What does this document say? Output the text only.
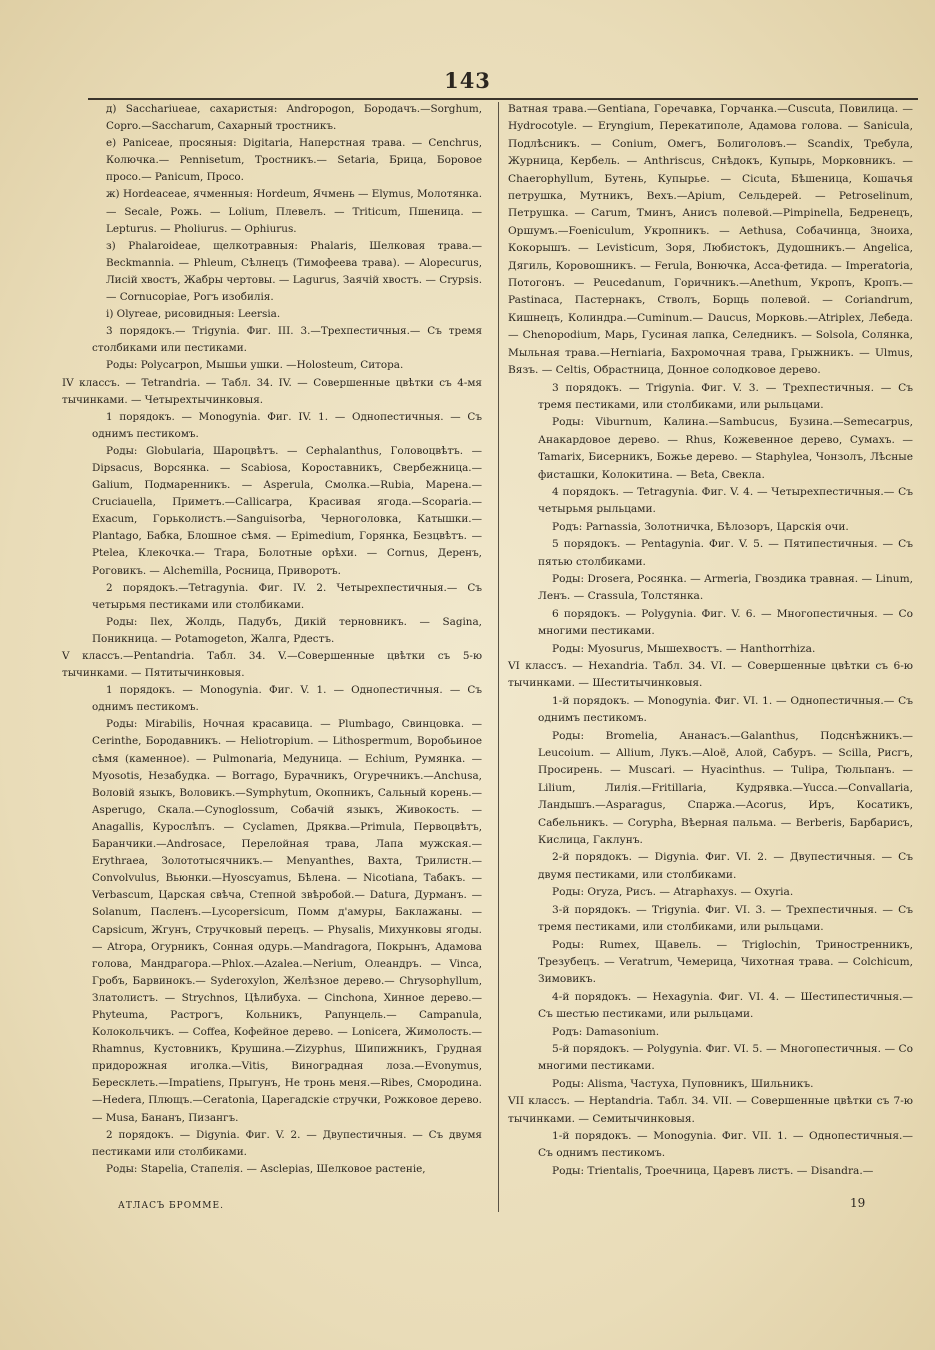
143

д) Sacchariueae, сахаристыя: Andropogon, Бородачъ.—Sorghum, Copro.—Saccharum, Сахарный тростникъ.

е) Paniceae, просяныя: Digitaria, Наперстная трава. — Cenchrus, Колючка.— Pennisetum, Тростникъ.— Setaria, Брица, Боровое просо.— Panicum, Просо.

ж) Hordeaceae, ячменныя: Hordeum, Ячмень — Elymus, Молотянка. — Secale, Рожь. — Lolium, Плевелъ. — Triticum, Пшеница. — Lepturus. — Pholiurus. — Ophiurus.

з) Phalaroideae, щелкотравныя: Phalaris, Шелковая трава.— Beckmannia. — Phleum, Сѣлнецъ (Тимофеева трава). — Alopecurus, Лисій хвостъ, Жабры чертовы. — Lagurus, Заячій хвостъ. — Crypsis. — Cornucopiae, Рогъ изобилія.

i) Olyreae, рисовидныя: Leersia.

3 порядокъ.— Trigynia. Фиг. III. 3.—Трехпестичныя.— Съ тремя столбиками или пестиками.

Роды: Polycarpon, Мышьи ушки. —Holosteum, Ситора.

IV классъ. — Tetrandria. — Табл. 34. IV. — Совершенные цвѣтки съ 4-мя тычинками. — Четырехтычинковыя.

1 порядокъ. — Monogynia. Фиг. IV. 1. — Однопестичныя. — Съ однимъ пестикомъ.

Роды: Globularia, Шароцвѣтъ. — Cephalanthus, Головоцвѣтъ. — Dipsacus, Ворсянка. — Scabiosa, Короставникъ, Свербежница.— Galium, Подмаренникъ. — Asperula, Смолка.—Rubia, Марена.— Cruciauella, Приметъ.—Callicarpa, Красивая ягода.—Scoparia.— Exacum, Горьколистъ.—Sanguisorba, Черноголовка, Катышки.— Plantago, Бабка, Блошное сѣмя. — Epimedium, Горянка, Безцвѣтъ. — Ptelea, Клекочка.— Trapa, Болотные орѣхи. — Cornus, Деренъ, Роговикъ. — Alchemilla, Росница, Приворотъ.

2 порядокъ.—Tetragynia. Фиг. IV. 2. Четырехпестичныя.— Съ четырьмя пестиками или столбиками.

Роды: Ilex, Жолдь, Падубъ, Дикій терновникъ. — Sagina, Поникница. — Potamogeton, Жалга, Рдестъ.

V классъ.—Pentandria. Табл. 34. V.—Совершенные цвѣтки съ 5-ю тычинками. — Пятитычинковыя.

1 порядокъ. — Monogynia. Фиг. V. 1. — Однопестичныя. — Съ однимъ пестикомъ.

Роды: Mirabilis, Ночная красавица. — Plumbago, Свинцовка. — Cerinthe, Бородавникъ. — Heliotropium. — Lithospermum, Воробьиное сѣмя (каменное). — Pulmonaria, Медуница. — Echium, Румянка. — Myosotis, Незабудка. — Borrago, Бурачникъ, Огуречникъ.—Anchusa, Воловій языкъ, Воловикъ.—Symphytum, Окопникъ, Сальный корень.—Asperugo, Скала.—Cynoglossum, Собачій языкъ, Живокость. — Anagallis, Курослѣпъ. — Cyclamen, Дряква.—Primula, Первоцвѣтъ, Баранчики.—Androsace, Перелойная трава, Лапа мужская.—Erythraea, Золототысячникъ.— Menyanthes, Вахта, Трилистн.— Convolvulus, Вьюнки.—Hyoscyamus, Бѣлена. — Nicotiana, Табакъ. — Verbascum, Царская свѣча, Степной звѣробой.— Datura, Дурманъ. — Solanum, Пасленъ.—Lycopersicum, Помм д'амуры, Баклажаны. — Capsicum, Жгунъ, Стручковый перецъ. — Physalis, Михунковы ягоды. — Atropa, Огурникъ, Сонная одурь.—Mandragora, Покрынъ, Адамова голова, Мандрагора.—Phlox.—Azalea.—Nerium, Олеандръ. — Vinca, Гробъ, Барвинокъ.— Syderoxylon, Желѣзное дерево.— Chrysophyllum, Златолистъ. — Strychnos, Цѣлибуха. — Cinchona, Хинное дерево.— Phyteuma, Растрогъ, Кольникъ, Рапунцель.— Campanula, Колокольчикъ. — Coffea, Кофейное дерево. — Lonicera, Жимолость.—Rhamnus, Кустовникъ, Крушина.—Zizyphus, Шипижникъ, Грудная придорожная иголка.—Vitis, Виноградная лоза.—Evonymus, Бересклеть.—Impatiens, Прыгунъ, Не тронь меня.—Ribes, Смородина.—Hedera, Плющъ.—Ceratonia, Царегадскіе стручки, Рожковое дерево. — Musa, Бананъ, Пизангъ.

2 порядокъ. — Digynia. Фиг. V. 2. — Двупестичныя. — Съ двумя пестиками или столбиками.

Роды: Stapelia, Стапелія. — Asclepias, Шелковое растеніе,

Ватная трава.—Gentiana, Горечавка, Горчанка.—Cuscuta, Повилица. — Hydrocotyle. — Eryngium, Перекатиполе, Адамова голова. — Sanicula, Подлѣсникъ. — Conium, Омегъ, Болиголовъ.— Scandix, Требула, Журница, Кербель. — Anthriscus, Снѣдокъ, Купырь, Морковникъ. — Chaerophyllum, Бутень, Купырье. — Cicuta, Бѣшеница, Кошачья петрушка, Мутникъ, Вехъ.—Apium, Сельдерей. — Petroselinum, Петрушка. — Carum, Тминъ, Анисъ полевой.—Pimpinella, Бедренецъ, Оршумъ.—Foeniculum, Укропникъ. — Aethusa, Собачинца, Зноиха, Кокорышъ. — Levisticum, Зоря, Любистокъ, Дудошникъ.— Angelica, Дягиль, Коровошникъ. — Ferula, Вонючка, Асса-фетида. — Imperatoria, Потогонъ. — Peucedanum, Горичникъ.—Anethum, Укропъ, Кропъ.—Pastinaca, Пастернакъ, Стволъ, Борщь полевой. — Coriandrum, Кишнецъ, Колиндра.—Cuminum.— Daucus, Морковь.—Atriplex, Лебеда.— Chenopodium, Марь, Гусиная лапка, Селедникъ. — Solsola, Солянка, Мыльная трава.—Herniaria, Бахромочная трава, Грыжникъ. — Ulmus, Вязъ. — Celtis, Обрастница, Донное солодковое дерево.

3 порядокъ. — Trigynia. Фиг. V. 3. — Трехпестичныя. — Съ тремя пестиками, или столбиками, или рыльцами.

Роды: Viburnum, Калина.—Sambucus, Бузина.—Semecarpus, Анакардовое дерево. — Rhus, Кожевенное дерево, Сумахъ. — Tamarix, Бисерникъ, Божье дерево. — Staphylea, Чонзолъ, Лѣсные фисташки, Колокитина. — Beta, Свекла.

4 порядокъ. — Tetragynia. Фиг. V. 4. — Четырехпестичныя.— Съ четырьмя рыльцами.

Родъ: Parnassia, Золотничка, Бѣлозоръ, Царскія очи.

5 порядокъ. — Pentagynia. Фиг. V. 5. — Пятипестичныя. — Съ пятью столбиками.

Роды: Drosera, Росянка. — Armeria, Гвоздика травная. — Linum, Ленъ. — Crassula, Толстянка.

6 порядокъ. — Polygynia. Фиг. V. 6. — Многопестичныя. — Со многими пестиками.

Роды: Myosurus, Мышехвостъ. — Hanthorrhiza.

VI классъ. — Hexandria. Табл. 34. VI. — Совершенные цвѣтки съ 6-ю тычинками. — Шеститычинковыя.

1-й порядокъ. — Monogynia. Фиг. VI. 1. — Однопестичныя.— Съ однимъ пестикомъ.

Роды: Bromelia, Ананасъ.—Galanthus, Подснѣжникъ.—Leucoium. — Allium, Лукъ.—Aloë, Алой, Сабуръ. — Scilla, Рисгъ, Просирень. — Muscari. — Hyacinthus. — Tulipa, Тюльпанъ. — Lilium, Лилія.—Fritillaria, Кудрявка.—Yucca.—Convallaria, Ландышъ.—Asparagus, Спаржа.—Acorus, Иръ, Косатикъ, Сабельникъ. — Corypha, Вѣерная пальма. — Berberis, Барбарисъ, Кислица, Гаклунъ.

2-й порядокъ. — Digynia. Фиг. VI. 2. — Двупестичныя. — Съ двумя пестиками, или столбиками.

Роды: Oryza, Рисъ. — Atraphaxys. — Oxyria.

3-й порядокъ. — Trigynia. Фиг. VI. 3. — Трехпестичныя. — Съ тремя пестиками, или столбиками, или рыльцами.

Роды: Rumex, Щавель. — Triglochin, Триностренникъ, Трезубецъ. — Veratrum, Чемерица, Чихотная трава. — Colchicum, Зимовикъ.

4-й порядокъ. — Hexagynia. Фиг. VI. 4. — Шестипестичныя.— Съ шестью пестиками, или рыльцами.

Родъ: Damasonium.

5-й порядокъ. — Polygynia. Фиг. VI. 5. — Многопестичныя. — Со многими пестиками.

Роды: Alisma, Частуха, Пуповникъ, Шильникъ.

VII классъ. — Heptandria. Табл. 34. VII. — Совершенные цвѣтки съ 7-ю тычинками. — Семитычинковыя.

1-й порядокъ. — Monogynia. Фиг. VII. 1. — Однопестичныя.— Съ однимъ пестикомъ.

Роды: Trientalis, Троечница, Царевъ листъ. — Disandra.—

АТЛАСЪ БРОММЕ.	19
